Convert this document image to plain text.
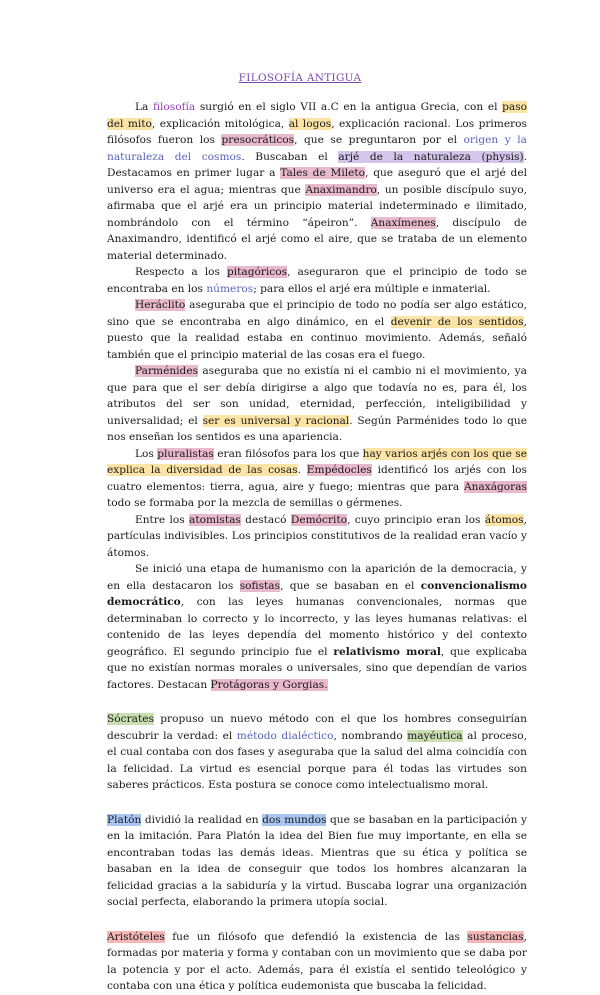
FILOSOFÍA ANTIGUA

La filosofía surgió en el siglo VII a.C en la antigua Grecia, con el paso del mito, explicación mitológica, al logos, explicación racional. Los primeros filósofos fueron los presocráticos, que se preguntaron por el origen y la naturaleza del cosmos. Buscaban el arjé de la naturaleza (physis). Destacamos en primer lugar a Tales de Mileto, que aseguró que el arjé del universo era el agua; mientras que Anaximandro, un posible discípulo suyo, afirmaba que el arjé era un principio material indeterminado e ilimitado, nombrándolo con el término “ápeiron”. Anaxímenes, discípulo de Anaximandro, identificó el arjé como el aire, que se trataba de un elemento material determinado.

Respecto a los pitagóricos, aseguraron que el principio de todo se encontraba en los números; para ellos el arjé era múltiple e inmaterial.

Heráclito aseguraba que el principio de todo no podía ser algo estático, sino que se encontraba en algo dinámico, en el devenir de los sentidos, puesto que la realidad estaba en continuo movimiento. Además, señaló también que el principio material de las cosas era el fuego.

Parménides aseguraba que no existía ni el cambio ni el movimiento, ya que para que el ser debía dirigirse a algo que todavía no es, para él, los atributos del ser son unidad, eternidad, perfección, inteligibilidad y universalidad; el ser es universal y racional. Según Parménides todo lo que nos enseñan los sentidos es una apariencia.

Los pluralistas eran filósofos para los que hay varios arjés con los que se explica la diversidad de las cosas. Empédocles identificó los arjés con los cuatro elementos: tierra, agua, aire y fuego; mientras que para Anaxágoras todo se formaba por la mezcla de semillas o gérmenes.

Entre los atomistas destacó Demócrito, cuyo principio eran los átomos, partículas indivisibles. Los principios constitutivos de la realidad eran vacío y átomos.

Se inició una etapa de humanismo con la aparición de la democracia, y en ella destacaron los sofistas, que se basaban en el convencionalismo democrático, con las leyes humanas convencionales, normas que determinaban lo correcto y lo incorrecto, y las leyes humanas relativas: el contenido de las leyes dependía del momento histórico y del contexto geográfico. El segundo principio fue el relativismo moral, que explicaba que no existían normas morales o universales, sino que dependían de varios factores. Destacan Protágoras y Gorgias.

Sócrates propuso un nuevo método con el que los hombres conseguirían descubrir la verdad: el método dialéctico, nombrando mayéutica al proceso, el cual contaba con dos fases y aseguraba que la salud del alma coincidía con la felicidad. La virtud es esencial porque para él todas las virtudes son saberes prácticos. Esta postura se conoce como intelectualismo moral.

Platón dividió la realidad en dos mundos que se basaban en la participación y en la imitación. Para Platón la idea del Bien fue muy importante, en ella se encontraban todas las demás ideas. Mientras que su ética y política se basaban en la idea de conseguir que todos los hombres alcanzaran la felicidad gracias a la sabiduría y la virtud. Buscaba lograr una organización social perfecta, elaborando la primera utopía social.

Aristóteles fue un filósofo que defendió la existencia de las sustancias, formadas por materia y forma y contaban con un movimiento que se daba por la potencia y por el acto. Además, para él existía el sentido teleológico y contaba con una ética y política eudemonista que buscaba la felicidad.
